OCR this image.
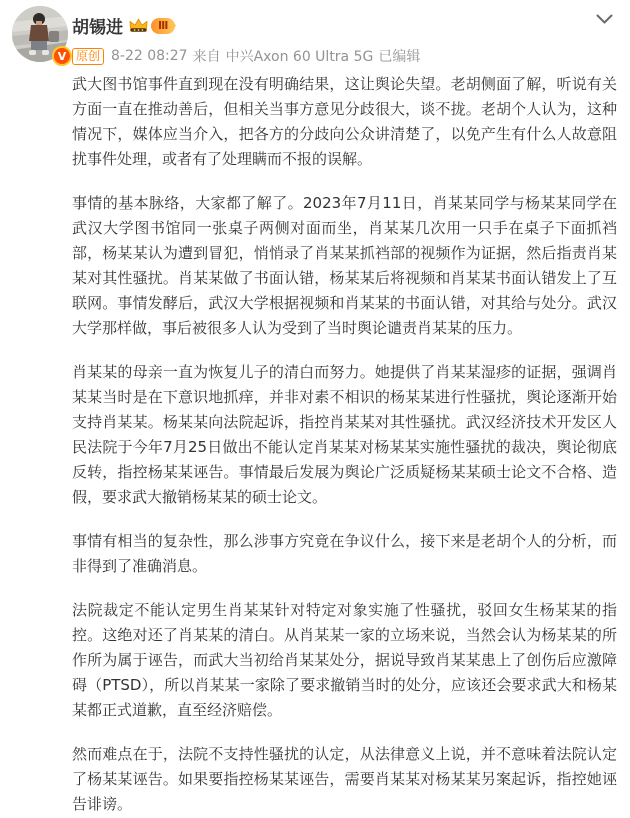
V
胡锡进	Ⅲ
原创 8-22 08:27 来自 中兴Axon 60 Ultra 5G 已编辑

武大图书馆事件直到现在没有明确结果，这让舆论失望。老胡侧面了解，听说有关方面一直在推动善后，但相关当事方意见分歧很大，谈不拢。老胡个人认为，这种情况下，媒体应当介入，把各方的分歧向公众讲清楚了，以免产生有什么人故意阻扰事件处理，或者有了处理瞒而不报的误解。

事情的基本脉络，大家都了解了。2023年7月11日，肖某某同学与杨某某同学在武汉大学图书馆同一张桌子两侧对面而坐，肖某某几次用一只手在桌子下面抓裆部，杨某某认为遭到冒犯，悄悄录了肖某某抓裆部的视频作为证据，然后指责肖某某对其性骚扰。肖某某做了书面认错，杨某某后将视频和肖某某书面认错发上了互联网。事情发酵后，武汉大学根据视频和肖某某的书面认错，对其给与处分。武汉大学那样做，事后被很多人认为受到了当时舆论谴责肖某某的压力。

肖某某的母亲一直为恢复儿子的清白而努力。她提供了肖某某湿疹的证据，强调肖某某当时是在下意识地抓痒，并非对素不相识的杨某某进行性骚扰，舆论逐渐开始支持肖某某。杨某某向法院起诉，指控肖某某对其性骚扰。武汉经济技术开发区人民法院于今年7月25日做出不能认定肖某某对杨某某实施性骚扰的裁决，舆论彻底反转，指控杨某某诬告。事情最后发展为舆论广泛质疑杨某某硕士论文不合格、造假，要求武大撤销杨某某的硕士论文。

事情有相当的复杂性，那么涉事方究竟在争议什么，接下来是老胡个人的分析，而非得到了准确消息。

法院裁定不能认定男生肖某某针对特定对象实施了性骚扰，驳回女生杨某某的指控。这绝对还了肖某某的清白。从肖某某一家的立场来说，当然会认为杨某某的所作所为属于诬告，而武大当初给肖某某处分，据说导致肖某某患上了创伤后应激障碍（PTSD），所以肖某某一家除了要求撤销当时的处分，应该还会要求武大和杨某某都正式道歉，直至经济赔偿。

然而难点在于，法院不支持性骚扰的认定，从法律意义上说，并不意味着法院认定了杨某某诬告。如果要指控杨某某诬告，需要肖某某对杨某某另案起诉，指控她诬告诽谤。
